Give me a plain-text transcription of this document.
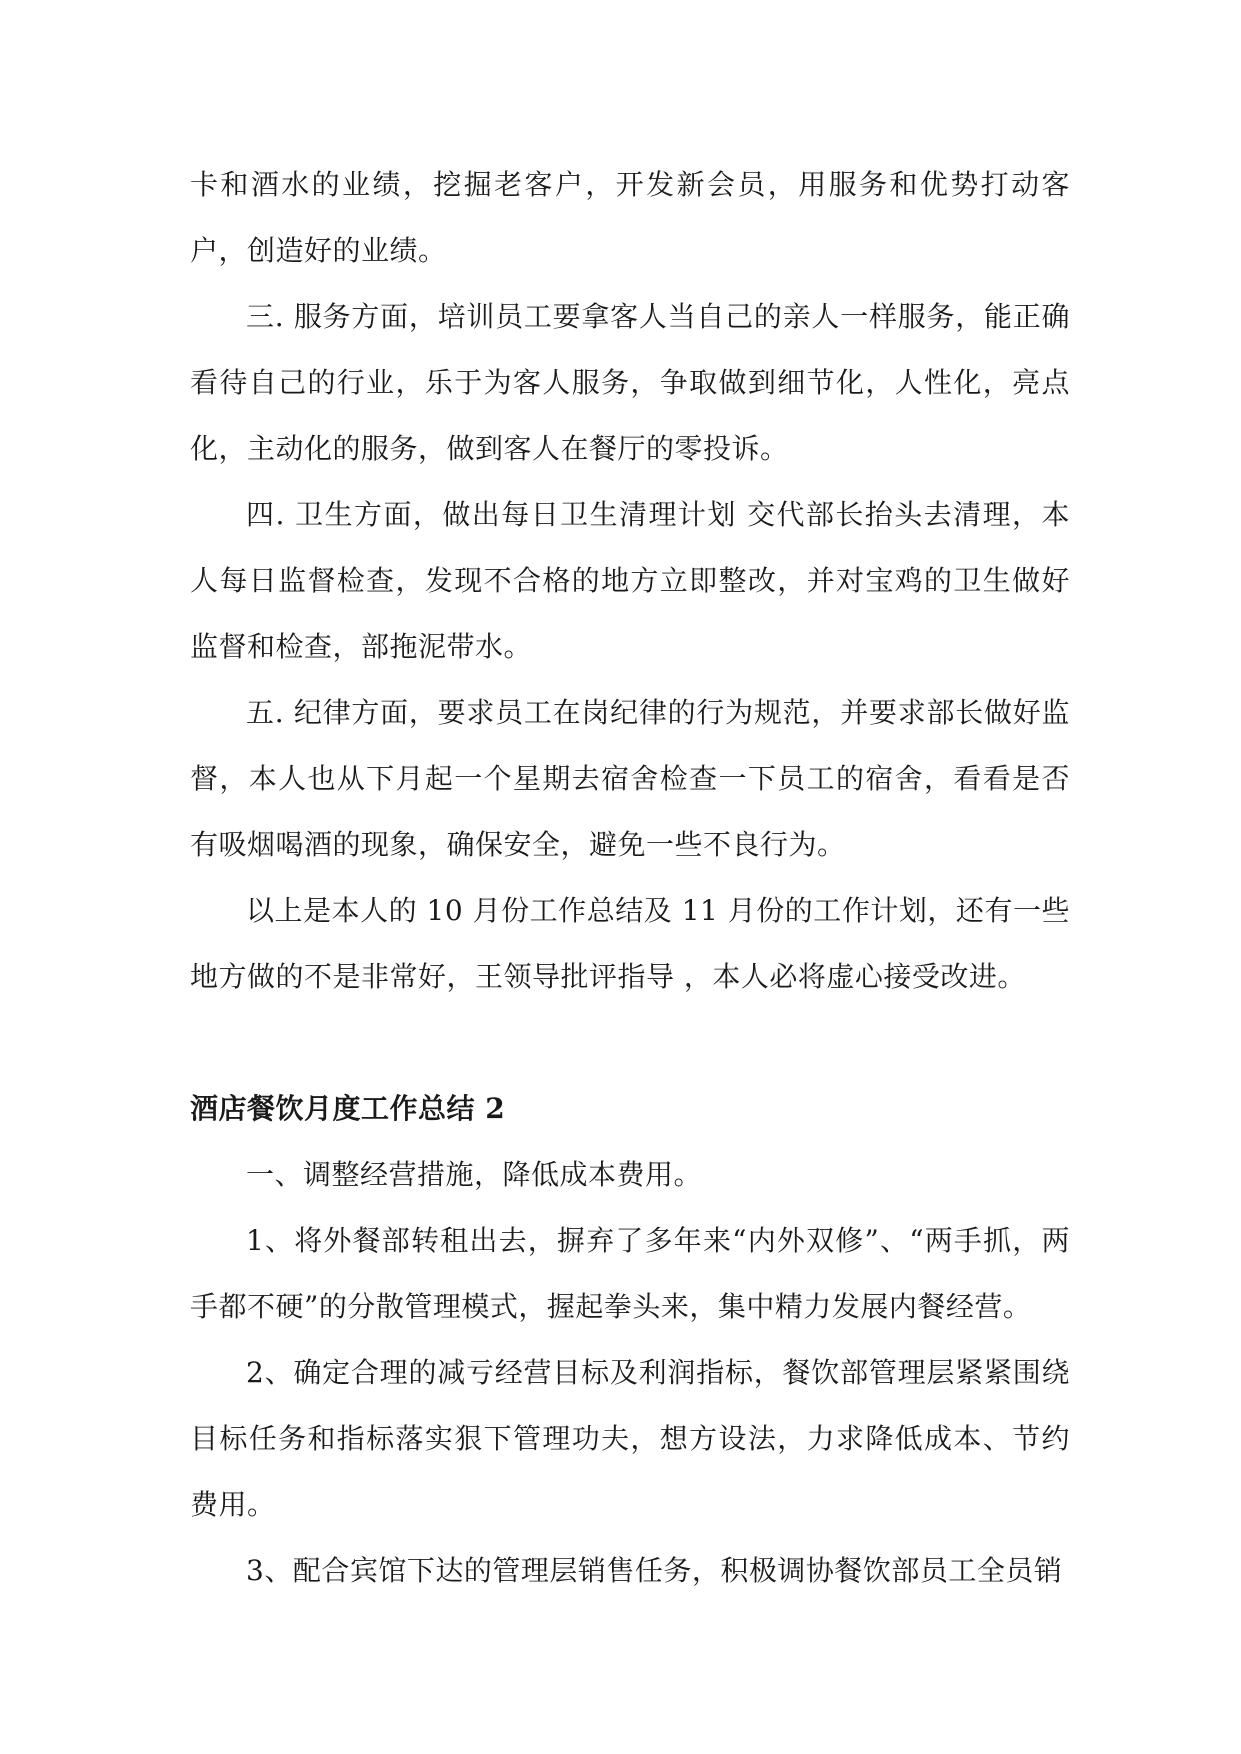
卡和酒水的业绩，挖掘老客户，开发新会员，用服务和优势打动客户，创造好的业绩。

三. 服务方面，培训员工要拿客人当自己的亲人一样服务，能正确看待自己的行业，乐于为客人服务，争取做到细节化，人性化，亮点化，主动化的服务，做到客人在餐厅的零投诉。

四. 卫生方面，做出每日卫生清理计划 交代部长抬头去清理，本人每日监督检查，发现不合格的地方立即整改，并对宝鸡的卫生做好监督和检查，部拖泥带水。

五. 纪律方面，要求员工在岗纪律的行为规范，并要求部长做好监督，本人也从下月起一个星期去宿舍检查一下员工的宿舍，看看是否有吸烟喝酒的现象，确保安全，避免一些不良行为。

以上是本人的 10 月份工作总结及 11 月份的工作计划，还有一些地方做的不是非常好，王领导批评指导 ，本人必将虚心接受改进。

酒店餐饮月度工作总结 2

一、调整经营措施，降低成本费用。

1、将外餐部转租出去，摒弃了多年来“内外双修”、“两手抓，两手都不硬”的分散管理模式，握起拳头来，集中精力发展内餐经营。

2、确定合理的减亏经营目标及利润指标，餐饮部管理层紧紧围绕目标任务和指标落实狠下管理功夫，想方设法，力求降低成本、节约费用。

3、配合宾馆下达的管理层销售任务，积极调协餐饮部员工全员销
